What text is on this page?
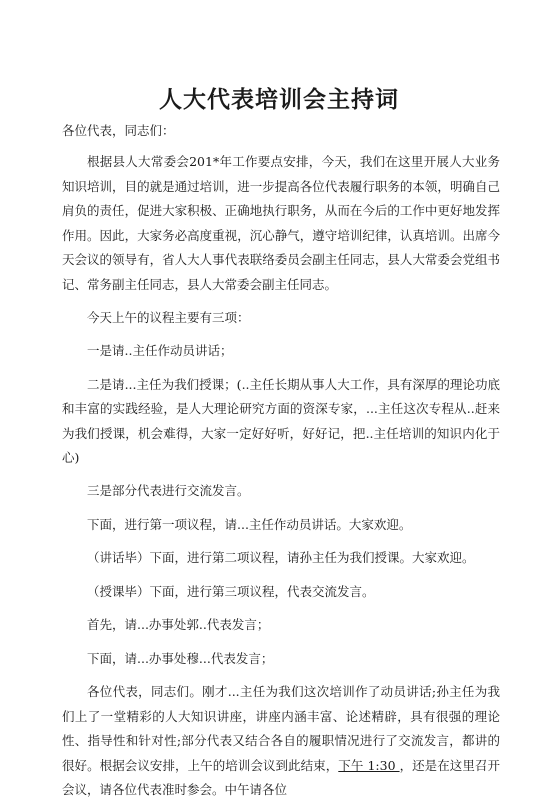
人大代表培训会主持词
各位代表，同志们：

根据县人大常委会201*年工作要点安排，今天，我们在这里开展人大业务知识培训，目的就是通过培训，进一步提高各位代表履行职务的本领，明确自己肩负的责任，促进大家积极、正确地执行职务，从而在今后的工作中更好地发挥作用。因此，大家务必高度重视，沉心静气，遵守培训纪律，认真培训。出席今天会议的领导有，省人大人事代表联络委员会副主任同志，县人大常委会党组书记、常务副主任同志，县人大常委会副主任同志。

今天上午的议程主要有三项：

一是请..主任作动员讲话；

二是请...主任为我们授课；(..主任长期从事人大工作，具有深厚的理论功底和丰富的实践经验，是人大理论研究方面的资深专家，...主任这次专程从..赶来为我们授课，机会难得，大家一定好好听，好好记，把..主任培训的知识内化于心)

三是部分代表进行交流发言。

下面，进行第一项议程，请...主任作动员讲话。大家欢迎。

（讲话毕）下面，进行第二项议程，请孙主任为我们授课。大家欢迎。

（授课毕）下面，进行第三项议程，代表交流发言。

首先，请...办事处郭..代表发言；

下面，请...办事处穆...代表发言；

各位代表，同志们。刚才...主任为我们这次培训作了动员讲话;孙主任为我们上了一堂精彩的人大知识讲座，讲座内涵丰富、论述精辟，具有很强的理论性、指导性和针对性;部分代表又结合各自的履职情况进行了交流发言，都讲的很好。根据会议安排，上午的培训会议到此结束，下午 1:30 ，还是在这里召开会议，请各位代表准时参会。中午请各位
